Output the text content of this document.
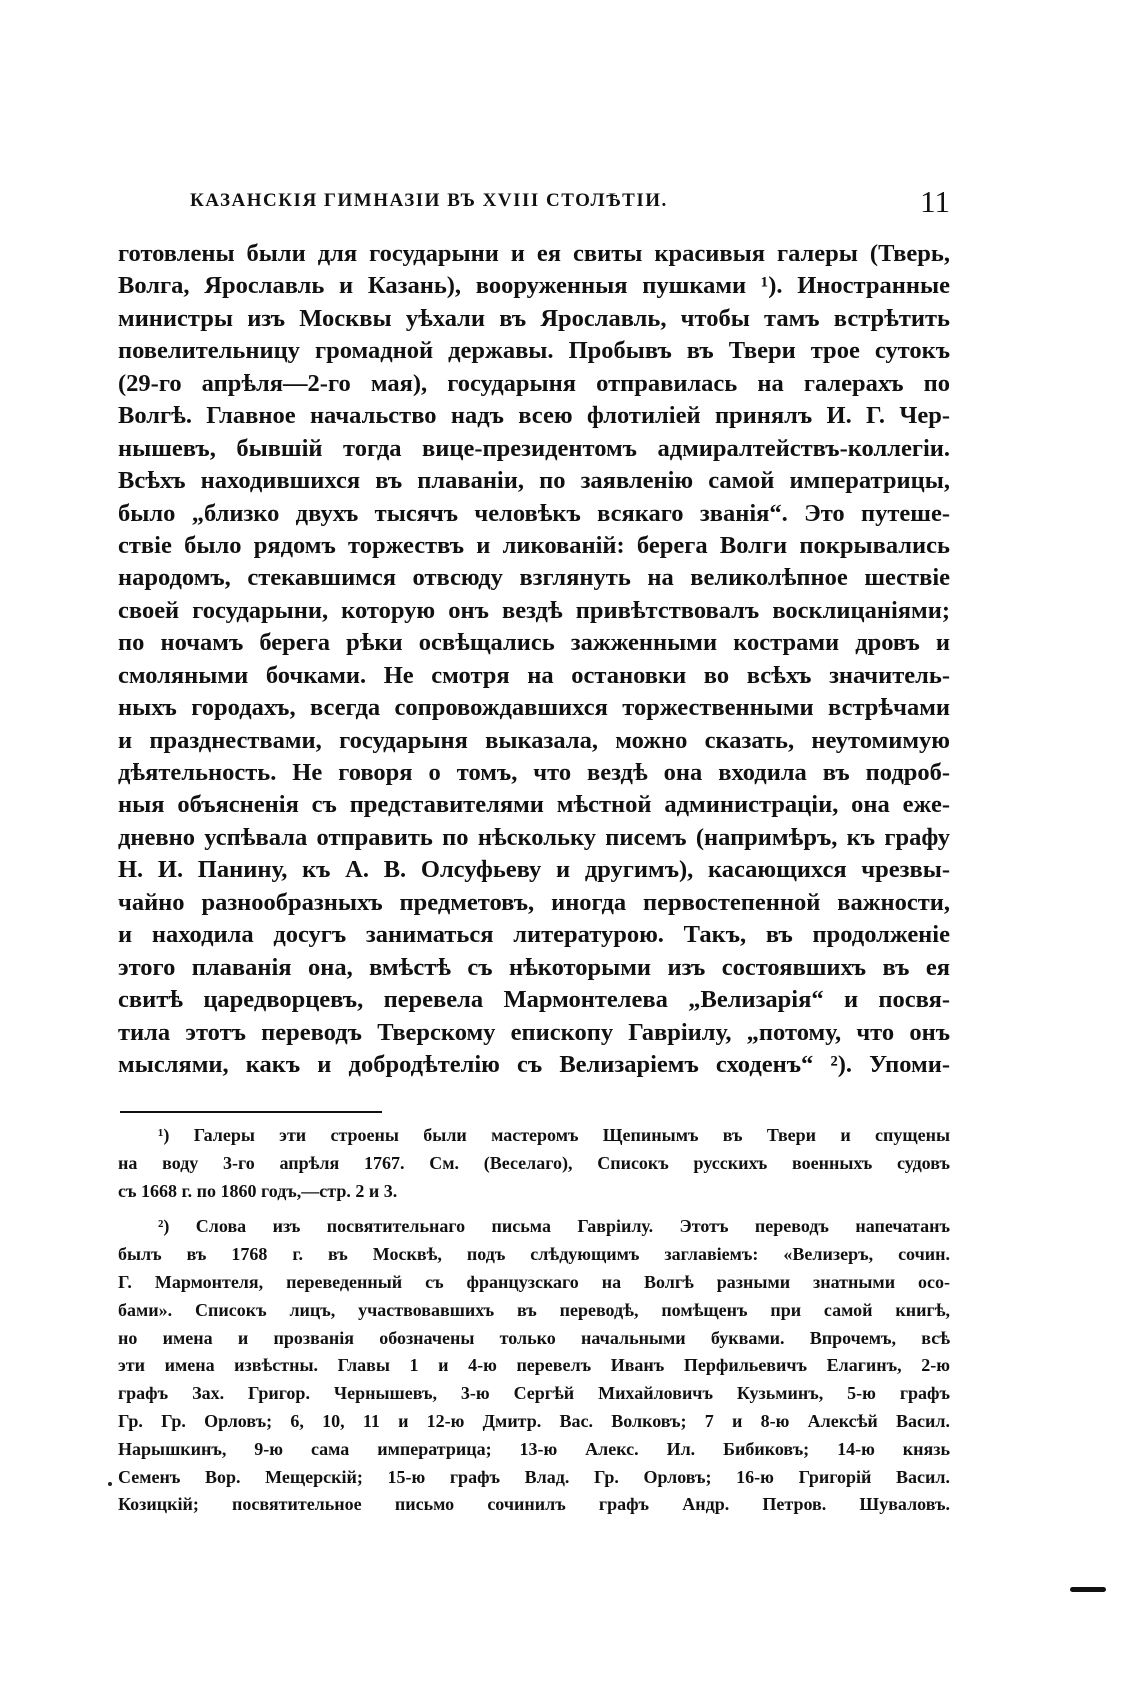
КАЗАНСКІЯ ГИМНАЗІИ ВЪ XVIII СТОЛѢТІИ.	11
готовлены были для государыни и ея свиты красивыя галеры (Тверь,
Волга, Ярославль и Казань), вооруженныя пушками ¹). Иностранные
министры изъ Москвы уѣхали въ Ярославль, чтобы тамъ встрѣтить
повелительницу громадной державы. Пробывъ въ Твери трое сутокъ
(29-го апрѣля—2-го мая), государыня отправилась на галерахъ по
Волгѣ. Главное начальство надъ всею флотиліей принялъ И. Г. Чер-
нышевъ, бывшій тогда вице-президентомъ адмиралтействъ-коллегіи.
Всѣхъ находившихся въ плаваніи, по заявленію самой императрицы,
было „близко двухъ тысячъ человѣкъ всякаго званія“. Это путеше-
ствіе было рядомъ торжествъ и ликованій: берега Волги покрывались
народомъ, стекавшимся отвсюду взглянуть на великолѣпное шествіе
своей государыни, которую онъ вездѣ привѣтствовалъ восклицаніями;
по ночамъ берега рѣки освѣщались зажженными кострами дровъ и
смоляными бочками. Не смотря на остановки во всѣхъ значитель-
ныхъ городахъ, всегда сопровождавшихся торжественными встрѣчами
и празднествами, государыня выказала, можно сказать, неутомимую
дѣятельность. Не говоря о томъ, что вездѣ она входила въ подроб-
ныя объясненія съ представителями мѣстной администраціи, она еже-
дневно успѣвала отправить по нѣскольку писемъ (напримѣръ, къ графу
Н. И. Панину, къ А. В. Олсуфьеву и другимъ), касающихся чрезвы-
чайно разнообразныхъ предметовъ, иногда первостепенной важности,
и находила досугъ заниматься литературою. Такъ, въ продолженіе
этого плаванія она, вмѣстѣ съ нѣкоторыми изъ состоявшихъ въ ея
свитѣ царедворцевъ, перевела Мармонтелева „Велизарія“ и посвя-
тила этотъ переводъ Тверскому епископу Гавріилу, „потому, что онъ
мыслями, какъ и добродѣтелію съ Велизаріемъ сходенъ“ ²). Упоми-
¹) Галеры эти строены были мастеромъ Щепинымъ въ Твери и спущены
на воду 3-го апрѣля 1767. См. (Веселаго), Списокъ русскихъ военныхъ судовъ
съ 1668 г. по 1860 годъ,—стр. 2 и 3.
²) Слова изъ посвятительнаго письма Гавріилу. Этотъ переводъ напечатанъ
былъ въ 1768 г. въ Москвѣ, подъ слѣдующимъ заглавіемъ: «Велизеръ, сочин.
Г. Мармонтеля, переведенный съ французскаго на Волгѣ разными знатными осо-
бами». Списокъ лицъ, участвовавшихъ въ переводѣ, помѣщенъ при самой книгѣ,
но имена и прозванія обозначены только начальными буквами. Впрочемъ, всѣ
эти имена извѣстны. Главы 1 и 4-ю перевелъ Иванъ Перфильевичъ Елагинъ, 2-ю
графъ Зах. Григор. Чернышевъ, 3-ю Сергѣй Михайловичъ Кузьминъ, 5-ю графъ
Гр. Гр. Орловъ; 6, 10, 11 и 12-ю Дмитр. Вас. Волковъ; 7 и 8-ю Алексѣй Васил.
Нарышкинъ, 9-ю сама императрица; 13-ю Алекс. Ил. Бибиковъ; 14-ю князь
Семенъ Вор. Мещерскій; 15-ю графъ Влад. Гр. Орловъ; 16-ю Григорій Васил.
Козицкій; посвятительное письмо сочинилъ графъ Андр. Петров. Шуваловъ.
